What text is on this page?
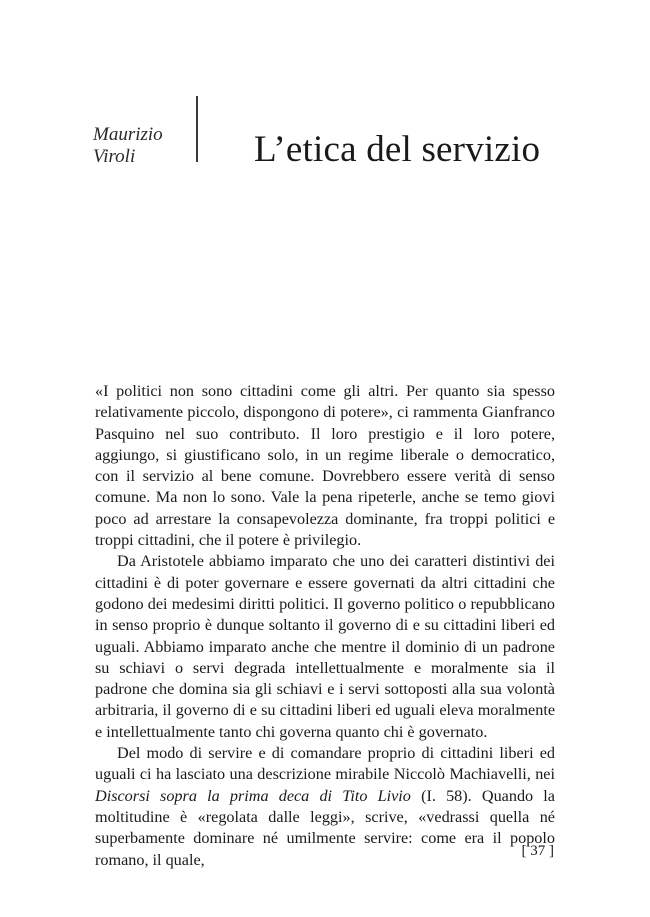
Maurizio
Viroli	L’etica del servizio

«I politici non sono cittadini come gli altri. Per quanto sia spesso relativamente piccolo, dispongono di potere», ci rammenta Gianfranco Pasquino nel suo contributo. Il loro prestigio e il loro potere, aggiungo, si giustificano solo, in un regime liberale o democratico, con il servizio al bene comune. Dovrebbero essere verità di senso comune. Ma non lo sono. Vale la pena ripeterle, anche se temo giovi poco ad arrestare la consapevolezza dominante, fra troppi politici e troppi cittadini, che il potere è privilegio.

Da Aristotele abbiamo imparato che uno dei caratteri distintivi dei cittadini è di poter governare e essere governati da altri cittadini che godono dei medesimi diritti politici. Il governo politico o repubblicano in senso proprio è dunque soltanto il governo di e su cittadini liberi ed uguali. Abbiamo imparato anche che mentre il dominio di un padrone su schiavi o servi degrada intellettualmente e moralmente sia il padrone che domina sia gli schiavi e i servi sottoposti alla sua volontà arbitraria, il governo di e su cittadini liberi ed uguali eleva moralmente e intellettualmente tanto chi governa quanto chi è governato.

Del modo di servire e di comandare proprio di cittadini liberi ed uguali ci ha lasciato una descrizione mirabile Niccolò Machiavelli, nei Discorsi sopra la prima deca di Tito Livio (I. 58). Quando la moltitudine è «regolata dalle leggi», scrive, «vedrassi quella né superbamente dominare né umilmente servire: come era il popolo romano, il quale,	[ 37 ]
